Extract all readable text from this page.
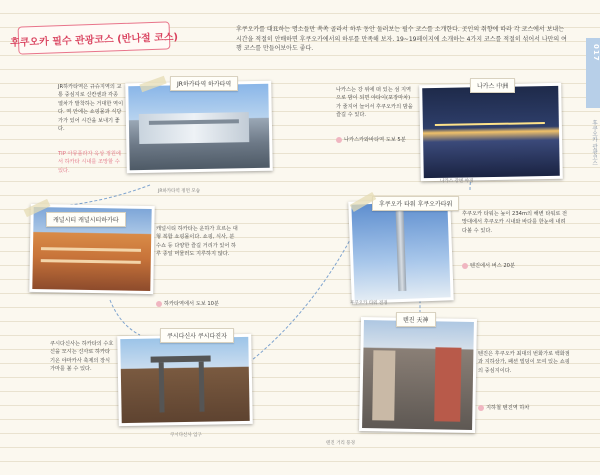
후쿠오카 필수 관광코스 (반나절 코스)
후쿠오카를 대표하는 명소들만 쏙쏙 골라서 하루 동안 둘러보는 필수 코스를 소개한다. 곳인의 취향에 따라 각 코스에서 보내는 시간을 적절히 안배하면 후쿠오카에서의 하루를 만족해 보자. 19~19페이지에 소개하는 4가지 코스를 적절히 섞어서 나만의 여행 코스를 만들어보아도 좋다.	017
후쿠오카 관광코스
JR하카타역 하카타역
JR하카타역 정면 모습
JR하카타역은 규슈지역의 교통 중심지로 신칸센과 각종 열차가 발착하는 거대한 역이다. 역 안에는 쇼핑몰과 식당가가 있어 시간을 보내기 좋다.
TIP 아뮤플라자 옥상 정원에서 하카타 시내를 조망할 수 있다.
캐널시티 캐널시티하카타
캐널시티 하카타는 운하가 흐르는 대형 복합 쇼핑몰이다. 쇼핑, 식사, 분수쇼 등 다양한 즐길 거리가 있어 하루 종일 머물러도 지루하지 않다.
하카타역에서 도보 10분
쿠시다신사 쿠시다진자
쿠시다신사 입구
쿠시다신사는 하카타의 수호신을 모시는 신사로 하카타 기온 야마카사 축제의 장식 가마를 볼 수 있다.
후쿠오카 타워 후쿠오카타워
후쿠오카 타워 전경
후쿠오카 타워는 높이 234m의 해변 타워로 전망대에서 후쿠오카 시내와 바다를 한눈에 내려다볼 수 있다.
텐진에서 버스 20분
텐진 天神
텐진 거리 풍경
텐진은 후쿠오카 최대의 번화가로 백화점과 지하상가, 패션 빌딩이 모여 있는 쇼핑의 중심지이다.
지하철 텐진역 하차
나카스 中洲
나카스 강변 야경
나카스는 강 위에 떠 있는 섬 지역으로 밤이 되면 야타이(포장마차)가 줄지어 늘어서 후쿠오카의 밤을 즐길 수 있다.
나카스카와바타역 도보 5분
